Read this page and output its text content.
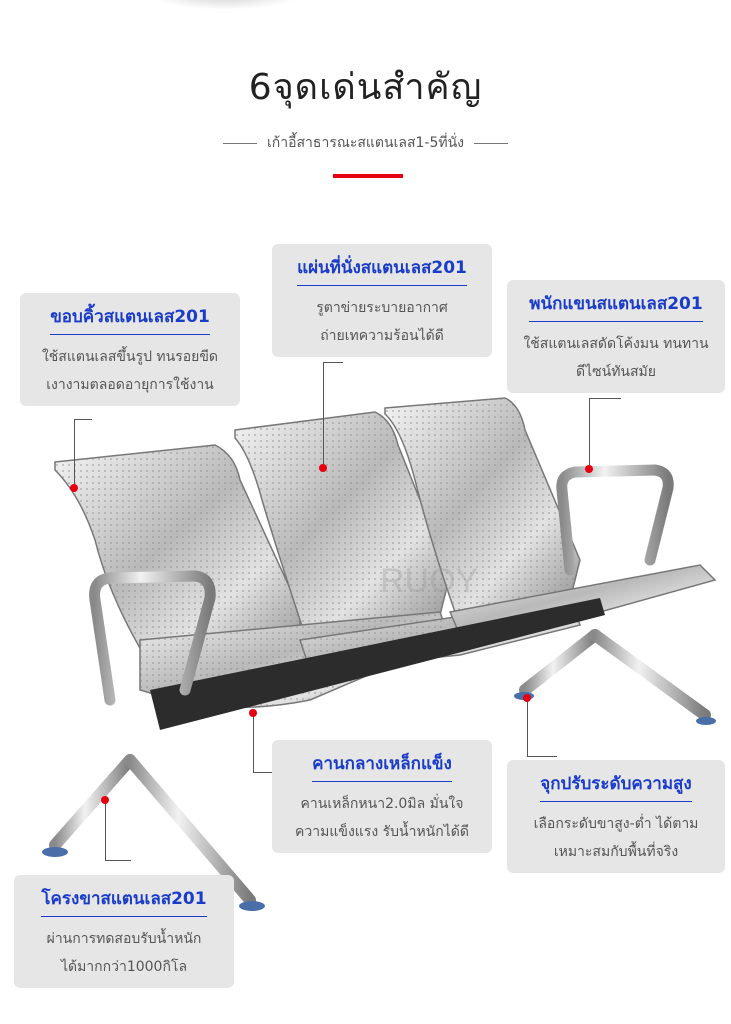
6จุดเด่นสำคัญ
เก้าอี้สาธารณะสแตนเลส1-5ที่นั่ง
RUOY
แผ่นที่นั่งสแตนเลส201
รูตาข่ายระบายอากาศ
ถ่ายเทความร้อนได้ดี
ขอบคิ้วสแตนเลส201
ใช้สแตนเลสขึ้นรูป ทนรอยขีด
เงางามตลอดอายุการใช้งาน
พนักแขนสแตนเลส201
ใช้สแตนเลสดัดโค้งมน ทนทาน
ดีไซน์ทันสมัย
คานกลางเหล็กแข็ง
คานเหล็กหนา2.0มิล มั่นใจ
ความแข็งแรง รับน้ำหนักได้ดี
จุกปรับระดับความสูง
เลือกระดับขาสูง-ต่ำ ได้ตาม
เหมาะสมกับพื้นที่จริง
โครงขาสแตนเลส201
ผ่านการทดสอบรับน้ำหนัก
ได้มากกว่า1000กิโล
